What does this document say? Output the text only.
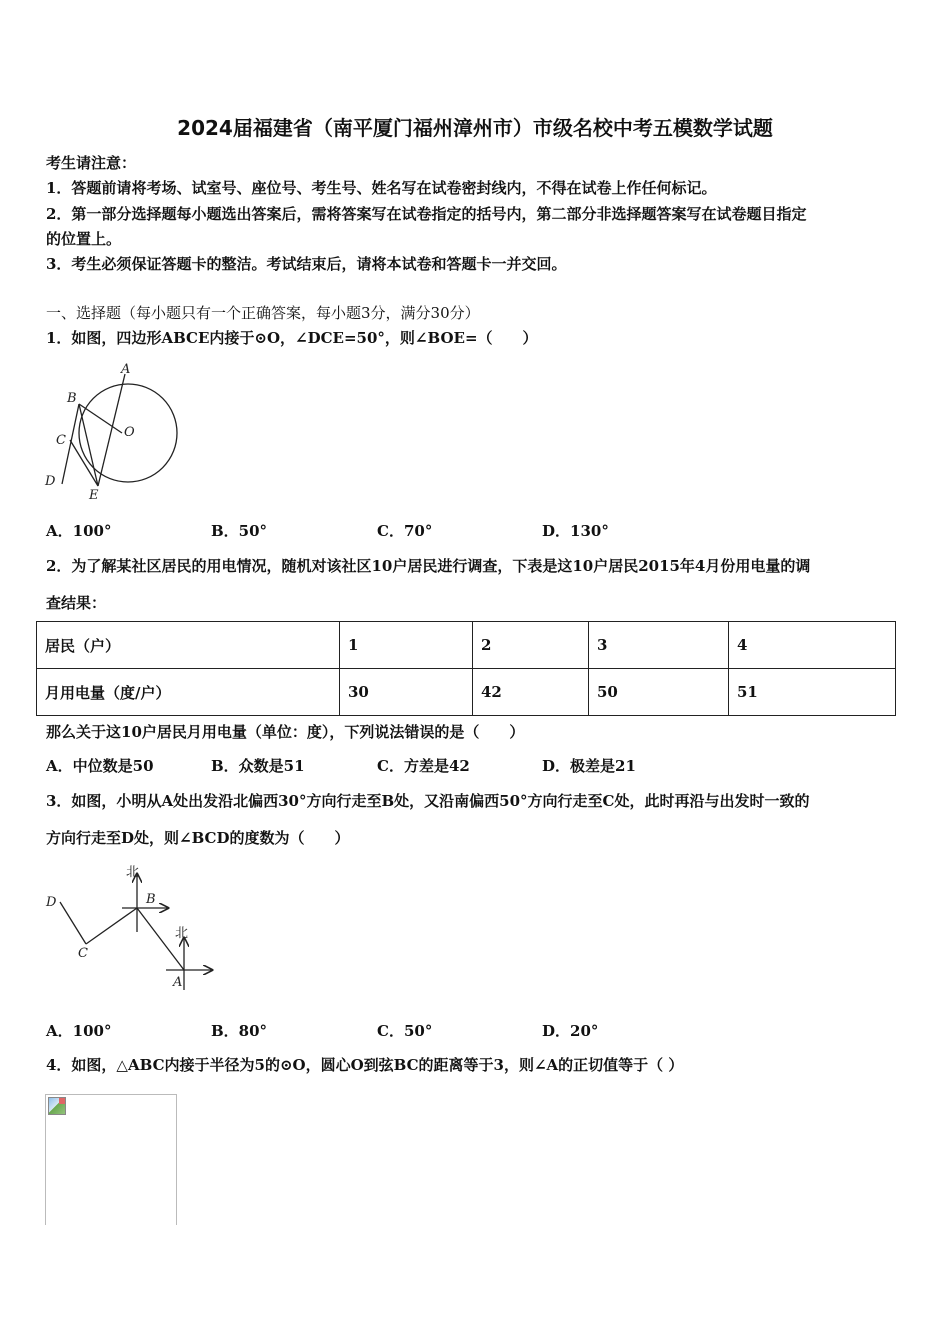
2024届福建省（南平厦门福州漳州市）市级名校中考五模数学试题
考生请注意：
1．答题前请将考场、试室号、座位号、考生号、姓名写在试卷密封线内，不得在试卷上作任何标记。
2．第一部分选择题每小题选出答案后，需将答案写在试卷指定的括号内，第二部分非选择题答案写在试卷题目指定
的位置上。
3．考生必须保证答题卡的整洁。考试结束后，请将本试卷和答题卡一并交回。
一、选择题（每小题只有一个正确答案，每小题3分，满分30分）
1．如图，四边形ABCE内接于⊙O，∠DCE=50°，则∠BOE=（　　）
A
B
C
D
E
O
A．100°	B．50°	C．70°	D．130°
2．为了解某社区居民的用电情况，随机对该社区10户居民进行调查，下表是这10户居民2015年4月份用电量的调
查结果：
居民（户）	1	2	3	4
月用电量（度/户）	30	42	50	51
那么关于这10户居民月用电量（单位：度），下列说法错误的是（　　）
A．中位数是50	B．众数是51	C．方差是42	D．极差是21
3．如图，小明从A处出发沿北偏西30°方向行走至B处，又沿南偏西50°方向行走至C处，此时再沿与出发时一致的
方向行走至D处，则∠BCD的度数为（　　）
北
北
A
B
C
D
A．100°	B．80°	C．50°	D．20°
4．如图，△ABC内接于半径为5的⊙O，圆心O到弦BC的距离等于3，则∠A的正切值等于（ ）
